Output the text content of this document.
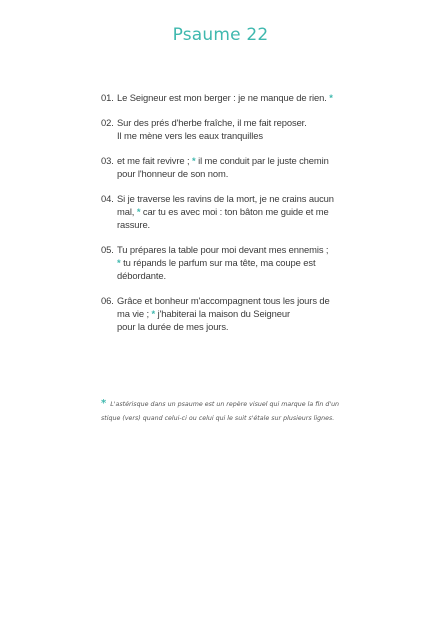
Psaume 22
01. Le Seigneur est mon berger : je ne manque de rien. *
02. Sur des prés d'herbe fraîche, il me fait reposer.
Il me mène vers les eaux tranquilles
03. et me fait revivre ; * il me conduit par le juste chemin
pour l'honneur de son nom.
04. Si je traverse les ravins de la mort, je ne crains aucun
mal, * car tu es avec moi : ton bâton me guide et me
rassure.
05. Tu prépares la table pour moi devant mes ennemis ;
* tu répands le parfum sur ma tête, ma coupe est
débordante.
06. Grâce et bonheur m'accompagnent tous les jours de
ma vie ; * j'habiterai la maison du Seigneur
pour la durée de mes jours.
* L'astérisque dans un psaume est un repère visuel qui marque la fin d'un
stique (vers) quand celui-ci ou celui qui le suit s'étale sur plusieurs lignes.
